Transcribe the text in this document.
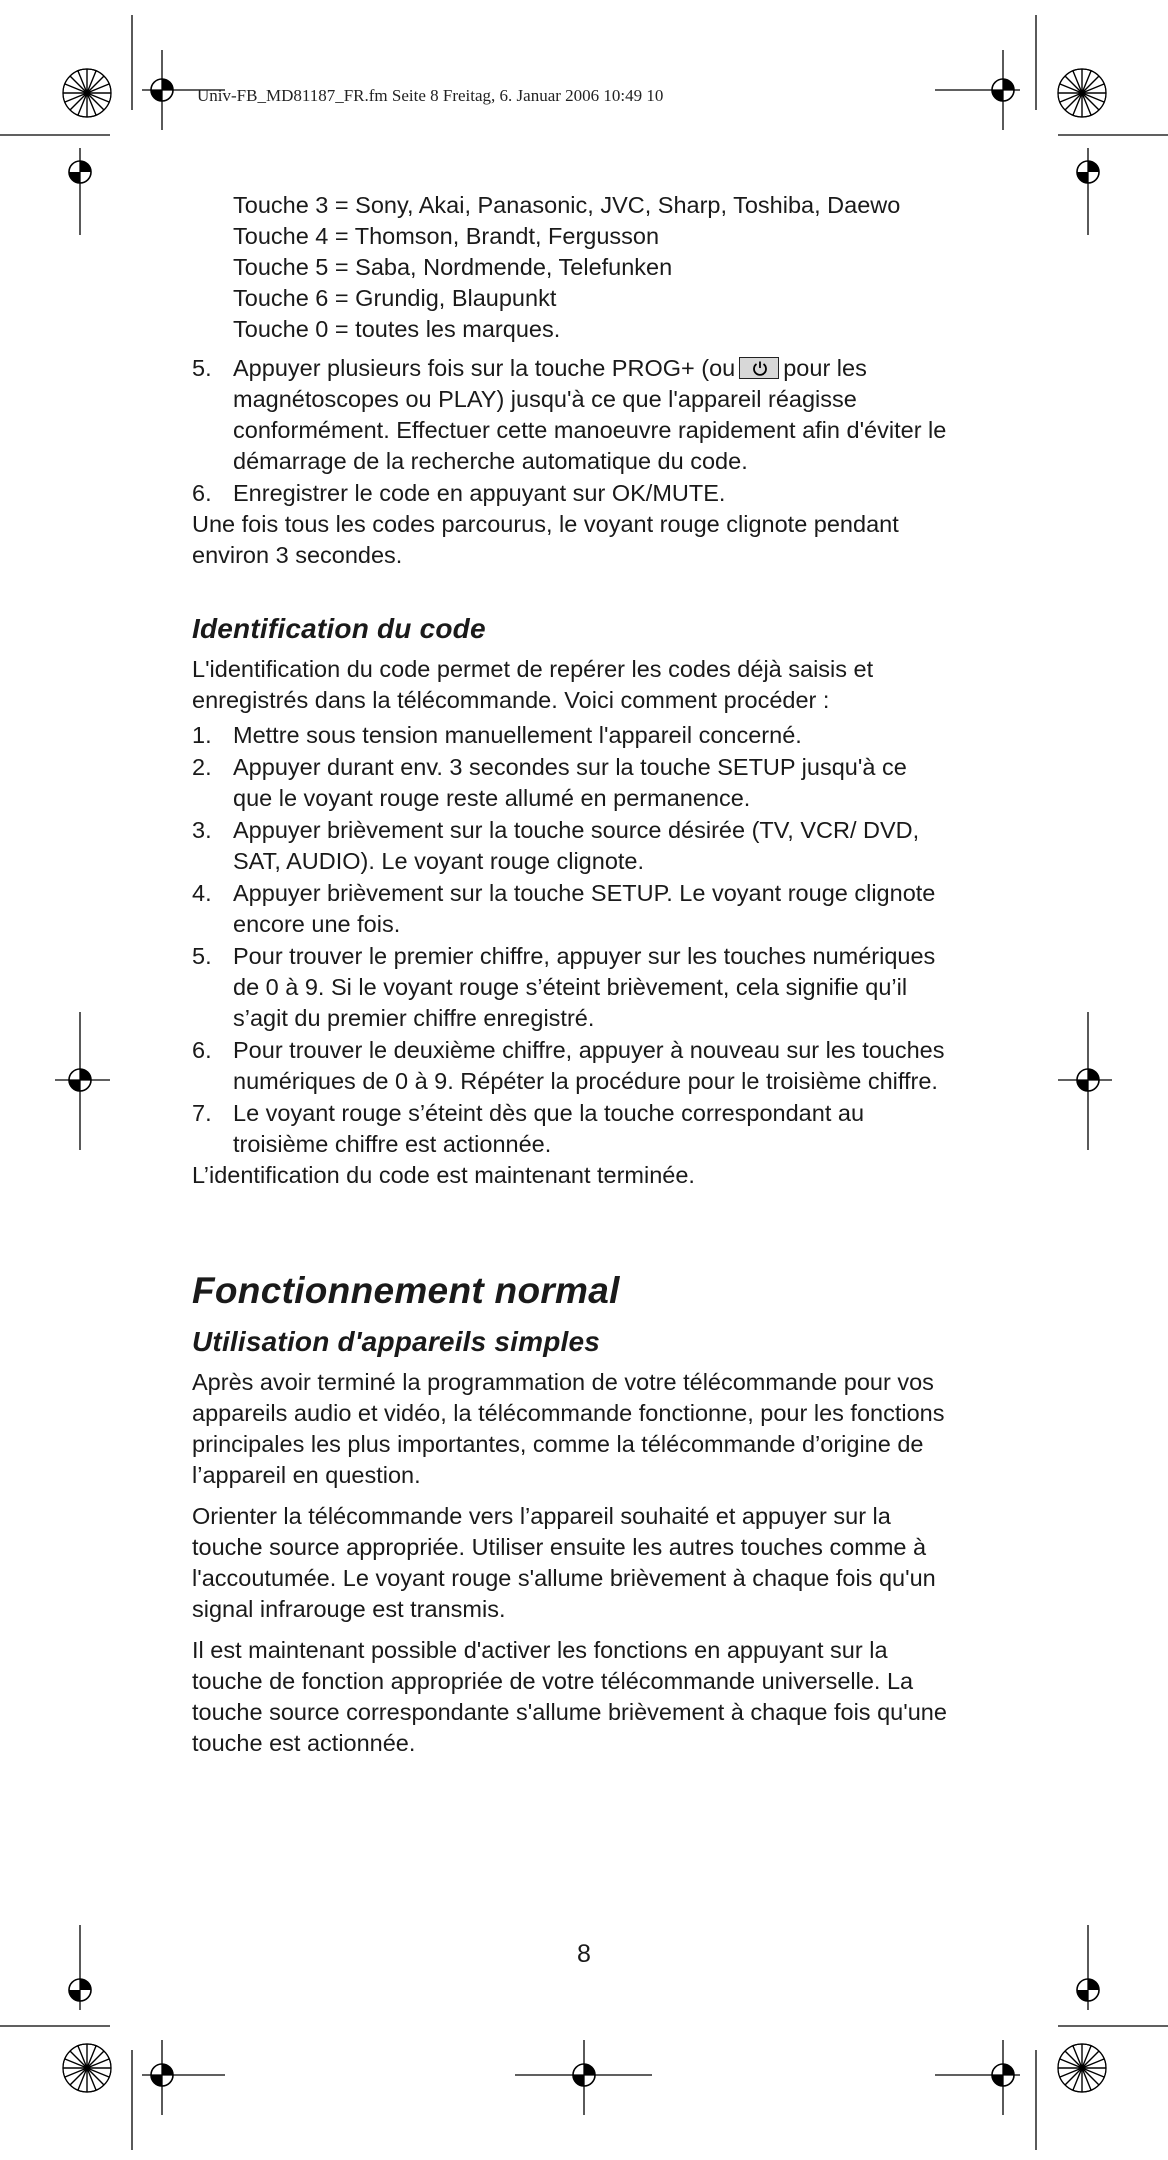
Univ-FB_MD81187_FR.fm Seite 8 Freitag, 6. Januar 2006 10:49 10
Touche 3 = Sony, Akai, Panasonic, JVC, Sharp, Toshiba, Daewo
Touche 4 = Thomson, Brandt, Fergusson
Touche 5 = Saba, Nordmende, Telefunken
Touche 6 = Grundig, Blaupunkt
Touche 0 = toutes les marques.
5. Appuyer plusieurs fois sur la touche PROG+ (ou pour les magnétoscopes ou PLAY) jusqu'à ce que l'appareil réagisse conformément. Effectuer cette manoeuvre rapidement afin d'éviter le démarrage de la recherche automatique du code.
6. Enregistrer le code en appuyant sur OK/MUTE.
Une fois tous les codes parcourus, le voyant rouge clignote pendant environ 3 secondes.
Identification du code
L'identification du code permet de repérer les codes déjà saisis et enregistrés dans la télécommande. Voici comment procéder :
1. Mettre sous tension manuellement l'appareil concerné.
2. Appuyer durant env. 3 secondes sur la touche SETUP jusqu'à ce que le voyant rouge reste allumé en permanence.
3. Appuyer brièvement sur la touche source désirée (TV, VCR/ DVD, SAT, AUDIO). Le voyant rouge clignote.
4. Appuyer brièvement sur la touche SETUP. Le voyant rouge clignote encore une fois.
5. Pour trouver le premier chiffre, appuyer sur les touches numériques de 0 à 9. Si le voyant rouge s’éteint brièvement, cela signifie qu’il s’agit du premier chiffre enregistré.
6. Pour trouver le deuxième chiffre, appuyer à nouveau sur les touches numériques de 0 à 9. Répéter la procédure pour le troisième chiffre.
7. Le voyant rouge s’éteint dès que la touche correspondant au troisième chiffre est actionnée.
L’identification du code est maintenant terminée.
Fonctionnement normal
Utilisation d'appareils simples
Après avoir terminé la programmation de votre télécommande pour vos appareils audio et vidéo, la télécommande fonctionne, pour les fonctions principales les plus importantes, comme la télécommande d’origine de l’appareil en question.
Orienter la télécommande vers l’appareil souhaité et appuyer sur la touche source appropriée. Utiliser ensuite les autres touches comme à l'accoutumée. Le voyant rouge s'allume brièvement à chaque fois qu'un signal infrarouge est transmis.
Il est maintenant possible d'activer les fonctions en appuyant sur la touche de fonction appropriée de votre télécommande universelle. La touche source correspondante s'allume brièvement à chaque fois qu'une touche est actionnée.
8
